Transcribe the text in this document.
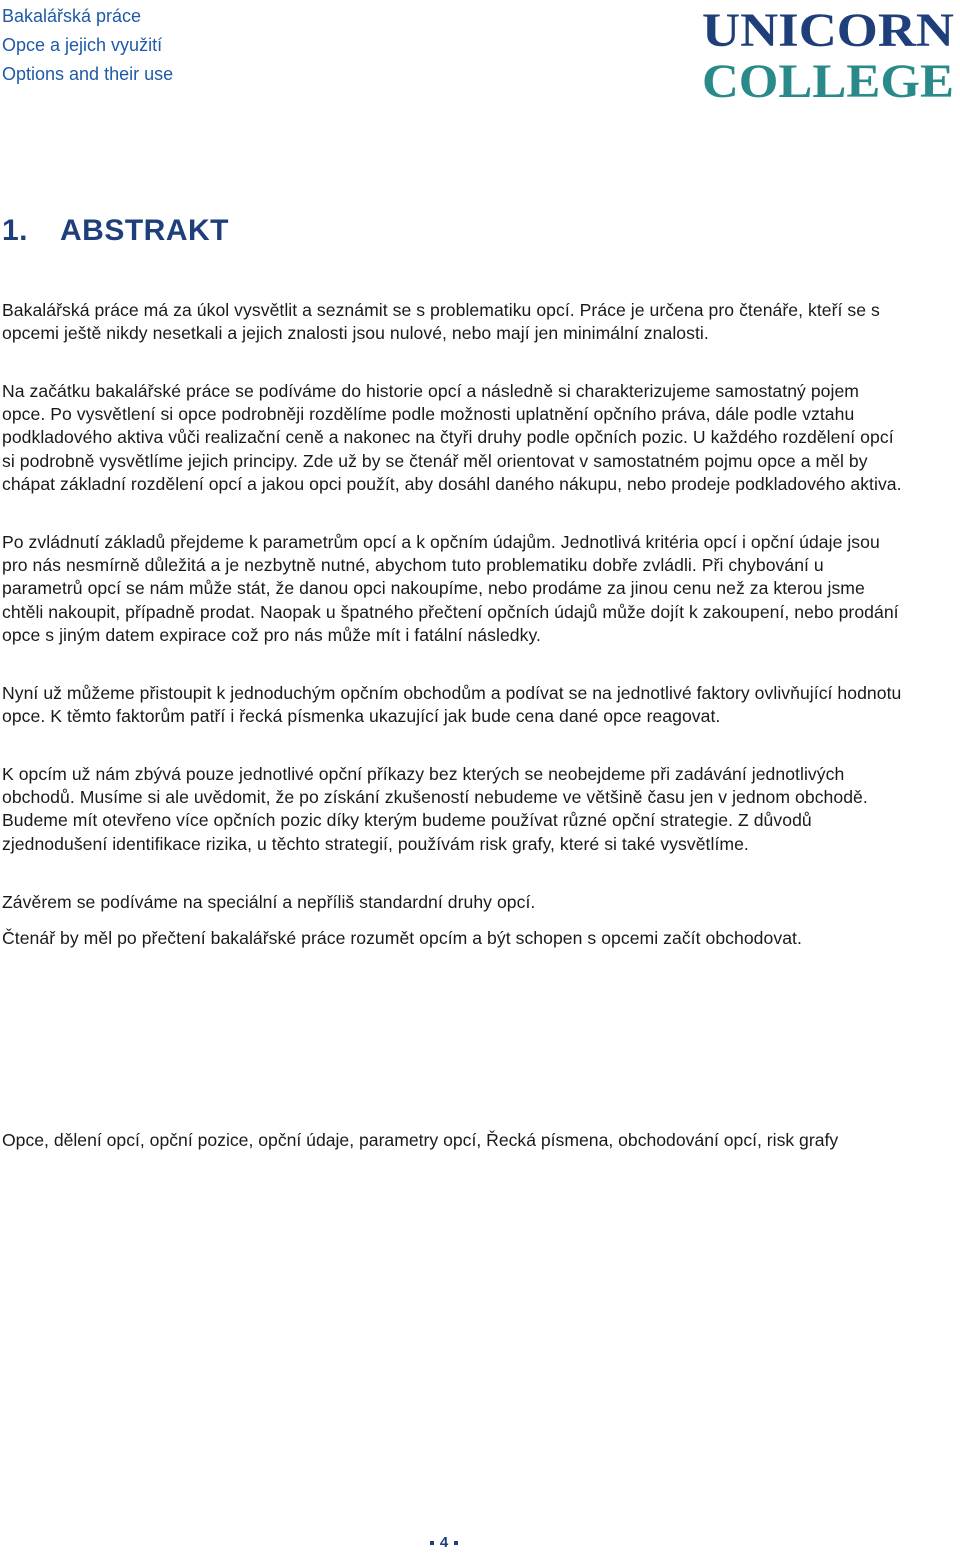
Bakalářská práce
Opce a jejich využití
Options and their use
UNICORN
COLLEGE
1. ABSTRAKT

Bakalářská práce má za úkol vysvětlit a seznámit se s problematiku opcí. Práce je určena pro čtenáře, kteří se s opcemi ještě nikdy nesetkali a jejich znalosti jsou nulové, nebo mají jen minimální znalosti.

Na začátku bakalářské práce se podíváme do historie opcí a následně si charakterizujeme samostatný pojem opce. Po vysvětlení si opce podrobněji rozdělíme podle možnosti uplatnění opčního práva, dále podle vztahu podkladového aktiva vůči realizační ceně a nakonec na čtyři druhy podle opčních pozic. U každého rozdělení opcí si podrobně vysvětlíme jejich principy. Zde už by se čtenář měl orientovat v samostatném pojmu opce a měl by chápat základní rozdělení opcí a jakou opci použít, aby dosáhl daného nákupu, nebo prodeje podkladového aktiva.

Po zvládnutí základů přejdeme k parametrům opcí a k opčním údajům. Jednotlivá kritéria opcí i opční údaje jsou pro nás nesmírně důležitá a je nezbytně nutné, abychom tuto problematiku dobře zvládli. Při chybování u parametrů opcí se nám může stát, že danou opci nakoupíme, nebo prodáme za jinou cenu než za kterou jsme chtěli nakoupit, případně prodat. Naopak u špatného přečtení opčních údajů může dojít k zakoupení, nebo prodání opce s jiným datem expirace což pro nás může mít i fatální následky.

Nyní už můžeme přistoupit k jednoduchým opčním obchodům a podívat se na jednotlivé faktory ovlivňující hodnotu opce. K těmto faktorům patří i řecká písmenka ukazující jak bude cena dané opce reagovat.

K opcím už nám zbývá pouze jednotlivé opční příkazy bez kterých se neobejdeme při zadávání jednotlivých obchodů. Musíme si ale uvědomit, že po získání zkušeností nebudeme ve většině času jen v jednom obchodě. Budeme mít otevřeno více opčních pozic díky kterým budeme používat různé opční strategie. Z důvodů zjednodušení identifikace rizika, u těchto strategií, používám risk grafy, které si také vysvětlíme.

Závěrem se podíváme na speciální a nepříliš standardní druhy opcí.

Čtenář by měl po přečtení bakalářské práce rozumět opcím a být schopen s opcemi začít obchodovat.

Opce, dělení opcí, opční pozice, opční údaje, parametry opcí, Řecká písmena, obchodování opcí, risk grafy
4
